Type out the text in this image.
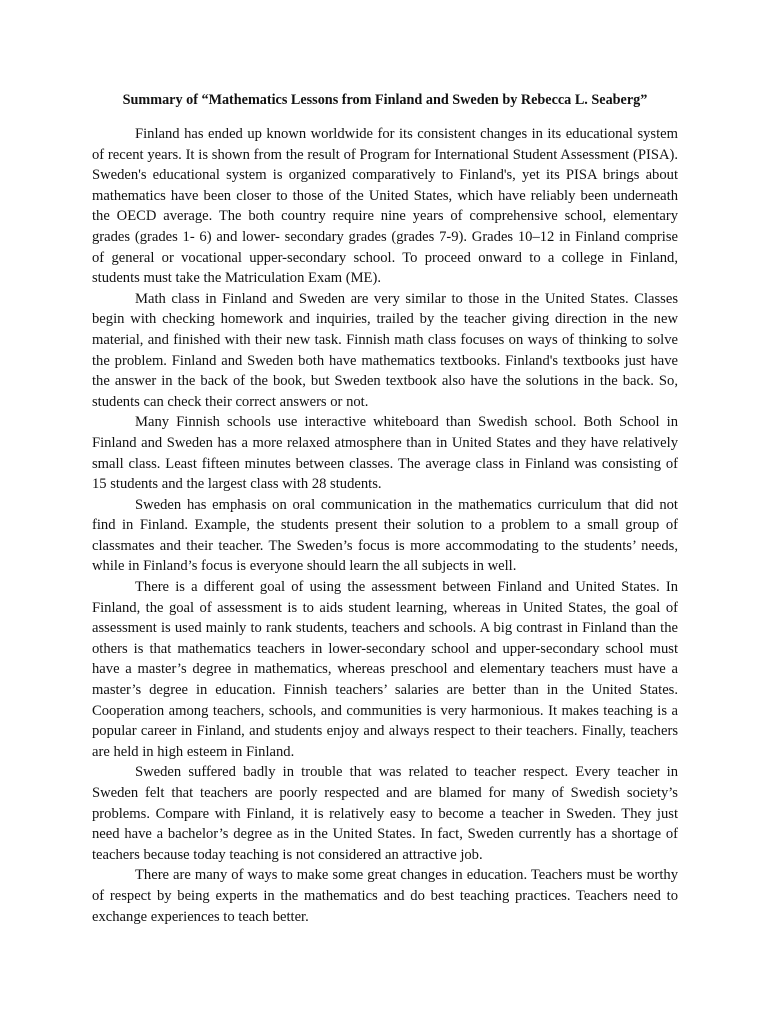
Summary of “Mathematics Lessons from Finland and Sweden by Rebecca L. Seaberg”

Finland has ended up known worldwide for its consistent changes in its educational system of recent years. It is shown from the result of Program for International Student Assessment (PISA). Sweden's educational system is organized comparatively to Finland's, yet its PISA brings about mathematics have been closer to those of the United States, which have reliably been underneath the OECD average. The both country require nine years of comprehensive school, elementary grades (grades 1- 6) and lower- secondary grades (grades 7-9). Grades 10–12 in Finland comprise of general or vocational upper-secondary school. To proceed onward to a college in Finland, students must take the Matriculation Exam (ME).

Math class in Finland and Sweden are very similar to those in the United States. Classes begin with checking homework and inquiries, trailed by the teacher giving direction in the new material, and finished with their new task. Finnish math class focuses on ways of thinking to solve the problem. Finland and Sweden both have mathematics textbooks. Finland's textbooks just have the answer in the back of the book, but Sweden textbook also have the solutions in the back. So, students can check their correct answers or not.

Many Finnish schools use interactive whiteboard than Swedish school. Both School in Finland and Sweden has a more relaxed atmosphere than in United States and they have relatively small class. Least fifteen minutes between classes. The average class in Finland was consisting of 15 students and the largest class with 28 students.

Sweden has emphasis on oral communication in the mathematics curriculum that did not find in Finland. Example, the students present their solution to a problem to a small group of classmates and their teacher. The Sweden’s focus is more accommodating to the students’ needs, while in Finland’s focus is everyone should learn the all subjects in well.

There is a different goal of using the assessment between Finland and United States. In Finland, the goal of assessment is to aids student learning, whereas in United States, the goal of assessment is used mainly to rank students, teachers and schools. A big contrast in Finland than the others is that mathematics teachers in lower-secondary school and upper-secondary school must have a master’s degree in mathematics, whereas preschool and elementary teachers must have a master’s degree in education. Finnish teachers’ salaries are better than in the United States. Cooperation among teachers, schools, and communities is very harmonious. It makes teaching is a popular career in Finland, and students enjoy and always respect to their teachers. Finally, teachers are held in high esteem in Finland.

Sweden suffered badly in trouble that was related to teacher respect. Every teacher in Sweden felt that teachers are poorly respected and are blamed for many of Swedish society’s problems. Compare with Finland, it is relatively easy to become a teacher in Sweden. They just need have a bachelor’s degree as in the United States. In fact, Sweden currently has a shortage of teachers because today teaching is not considered an attractive job.

There are many of ways to make some great changes in education. Teachers must be worthy of respect by being experts in the mathematics and do best teaching practices. Teachers need to exchange experiences to teach better.
